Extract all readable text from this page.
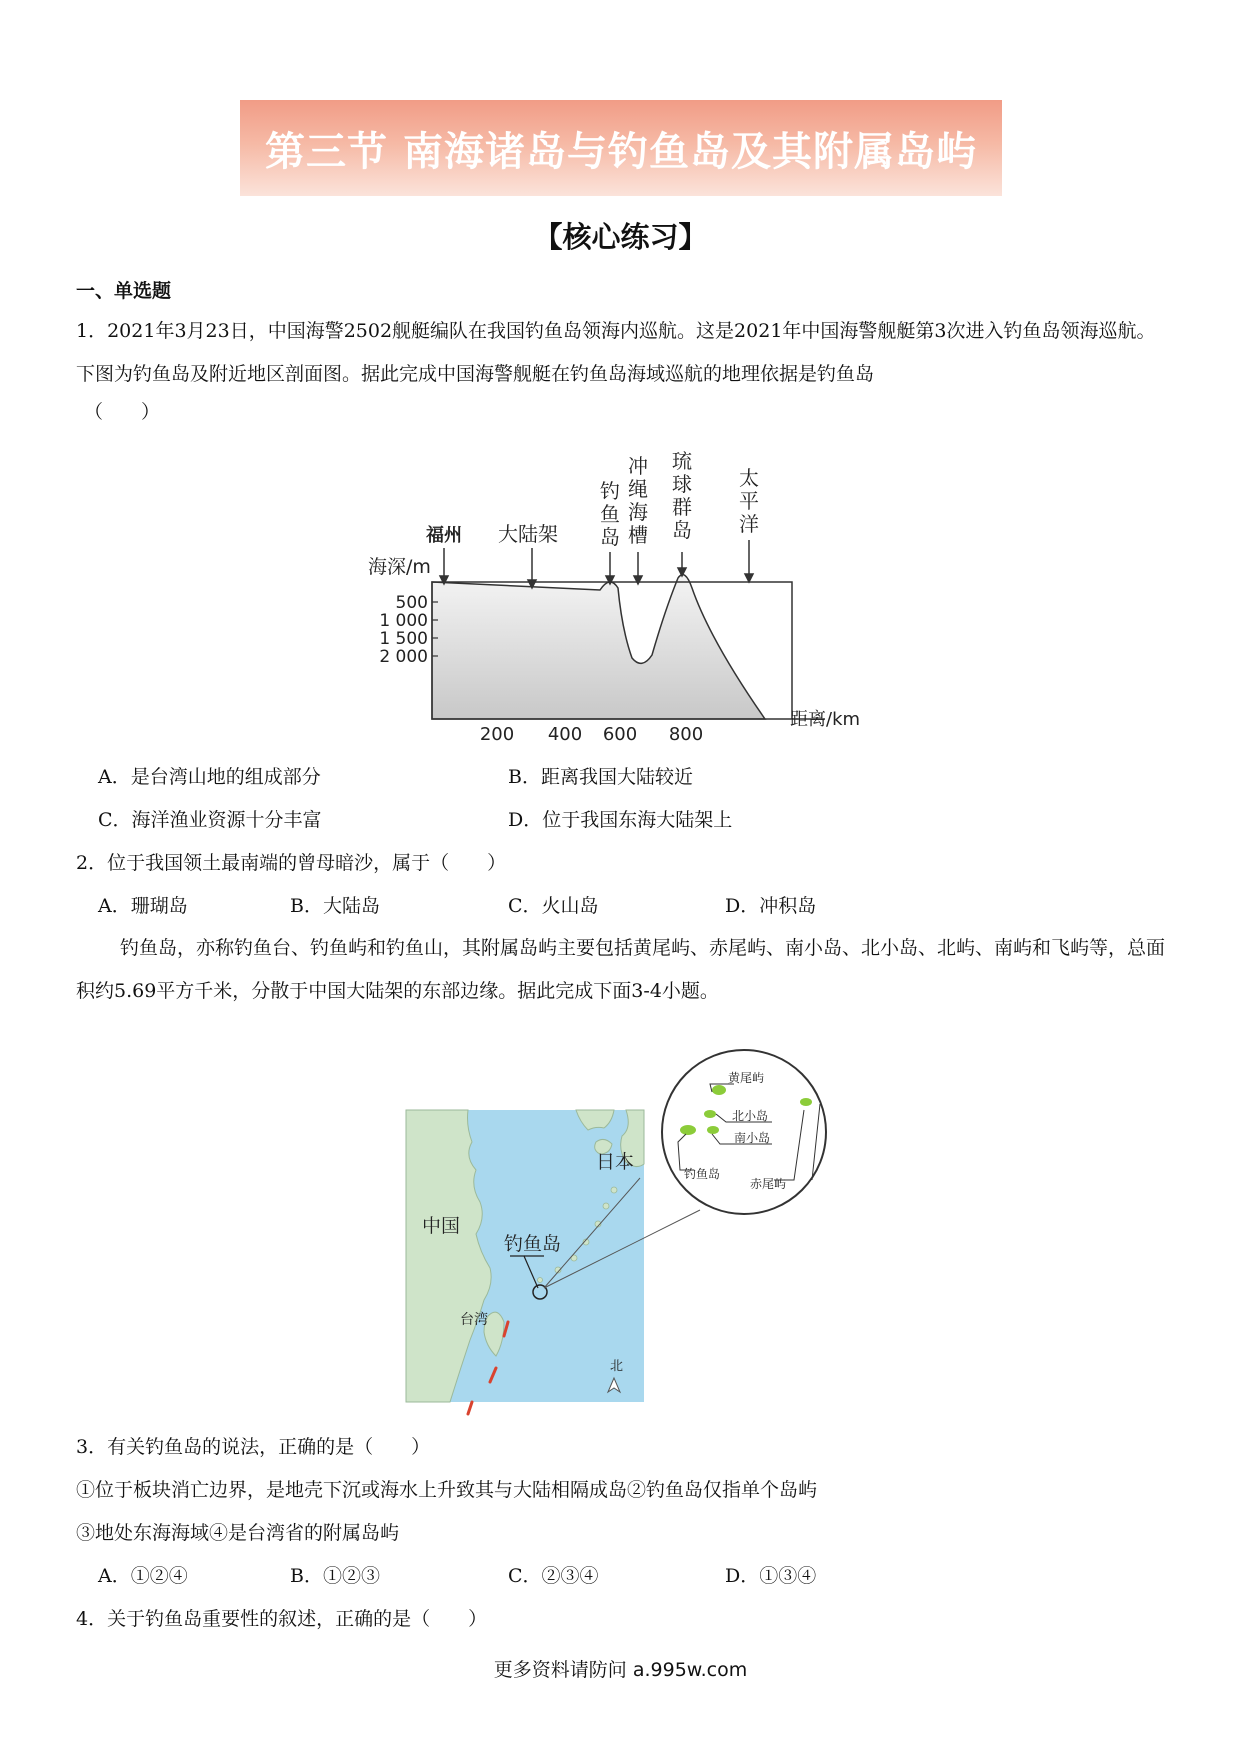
第三节 南海诸岛与钓鱼岛及其附属岛屿
【核心练习】
一、单选题
1．2021年3月23日，中国海警2502舰艇编队在我国钓鱼岛领海内巡航。这是2021年中国海警舰艇第3次进入钓鱼岛领海巡航。下图为钓鱼岛及附近地区剖面图。据此完成中国海警舰艇在钓鱼岛海域巡航的地理依据是钓鱼岛
（　　）
福州 大陆架
钓
鱼
岛
冲
绳
海
槽
琉
球
群
岛
太
平
洋
海深/m
500
1 000
1 500
2 000
200 400 600 800
距离/km
A．是台湾山地的组成部分	B．距离我国大陆较近
C．海洋渔业资源十分丰富	D．位于我国东海大陆架上
2．位于我国领土最南端的曾母暗沙，属于（　　）
A．珊瑚岛	B．大陆岛	C．火山岛	D．冲积岛
钓鱼岛，亦称钓鱼台、钓鱼屿和钓鱼山，其附属岛屿主要包括黄尾屿、赤尾屿、南小岛、北小岛、北屿、南屿和飞屿等，总面积约5.69平方千米，分散于中国大陆架的东部边缘。据此完成下面3-4小题。
黄尾屿
北小岛
南小岛
钓鱼岛
赤尾屿
中国
日本
钓鱼岛
台湾
北
3．有关钓鱼岛的说法，正确的是（　　）
①位于板块消亡边界，是地壳下沉或海水上升致其与大陆相隔成岛②钓鱼岛仅指单个岛屿
③地处东海海域④是台湾省的附属岛屿
A．①②④	B．①②③	C．②③④	D．①③④
4．关于钓鱼岛重要性的叙述，正确的是（　　）
更多资料请防问 a.995w.com
